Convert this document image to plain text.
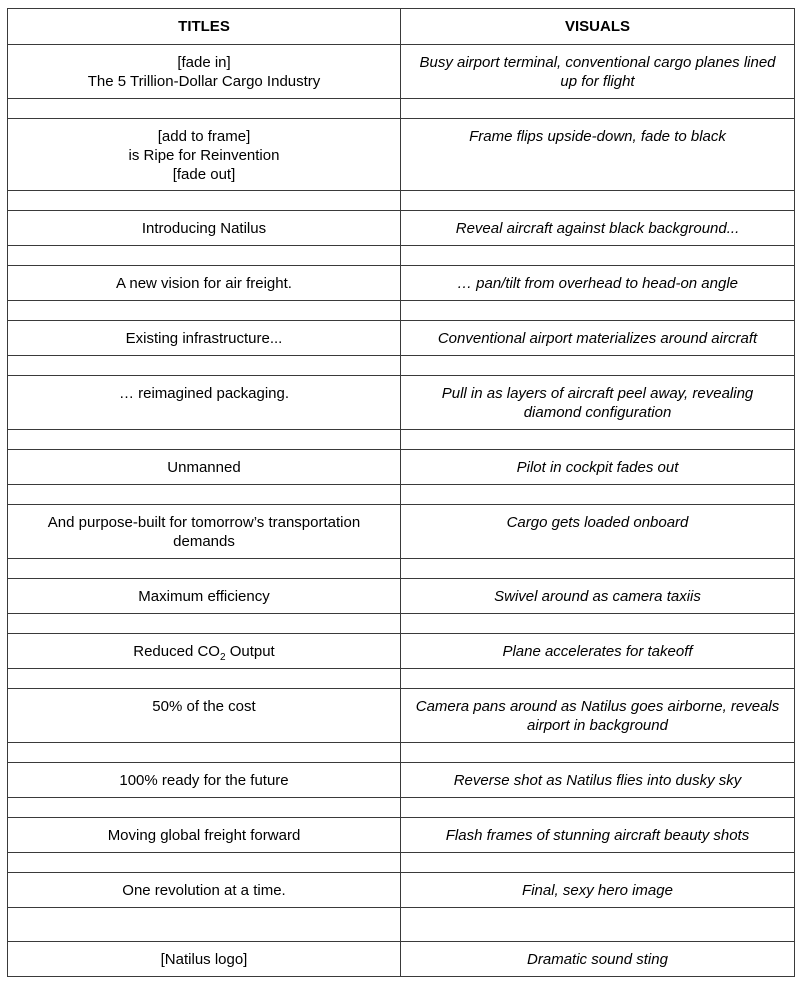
TITLES	VISUALS

[fade in]
The 5 Trillion-Dollar Cargo Industry	Busy airport terminal, conventional cargo planes lined up for flight

[add to frame]
is Ripe for Reinvention
[fade out]	Frame flips upside-down, fade to black

Introducing Natilus	Reveal aircraft against black background...

A new vision for air freight.	… pan/tilt from overhead to head-on angle

Existing infrastructure...	Conventional airport materializes around aircraft

… reimagined packaging.	Pull in as layers of aircraft peel away, revealing diamond configuration

Unmanned	Pilot in cockpit fades out

And purpose-built for tomorrow’s transportation demands	Cargo gets loaded onboard

Maximum efficiency	Swivel around as camera taxiis

Reduced $CO_2$ Output	Plane accelerates for takeoff

50% of the cost	Camera pans around as Natilus goes airborne, reveals airport in background

100% ready for the future	Reverse shot as Natilus flies into dusky sky

Moving global freight forward	Flash frames of stunning aircraft beauty shots

One revolution at a time.	Final, sexy hero image

[Natilus logo]	Dramatic sound sting
